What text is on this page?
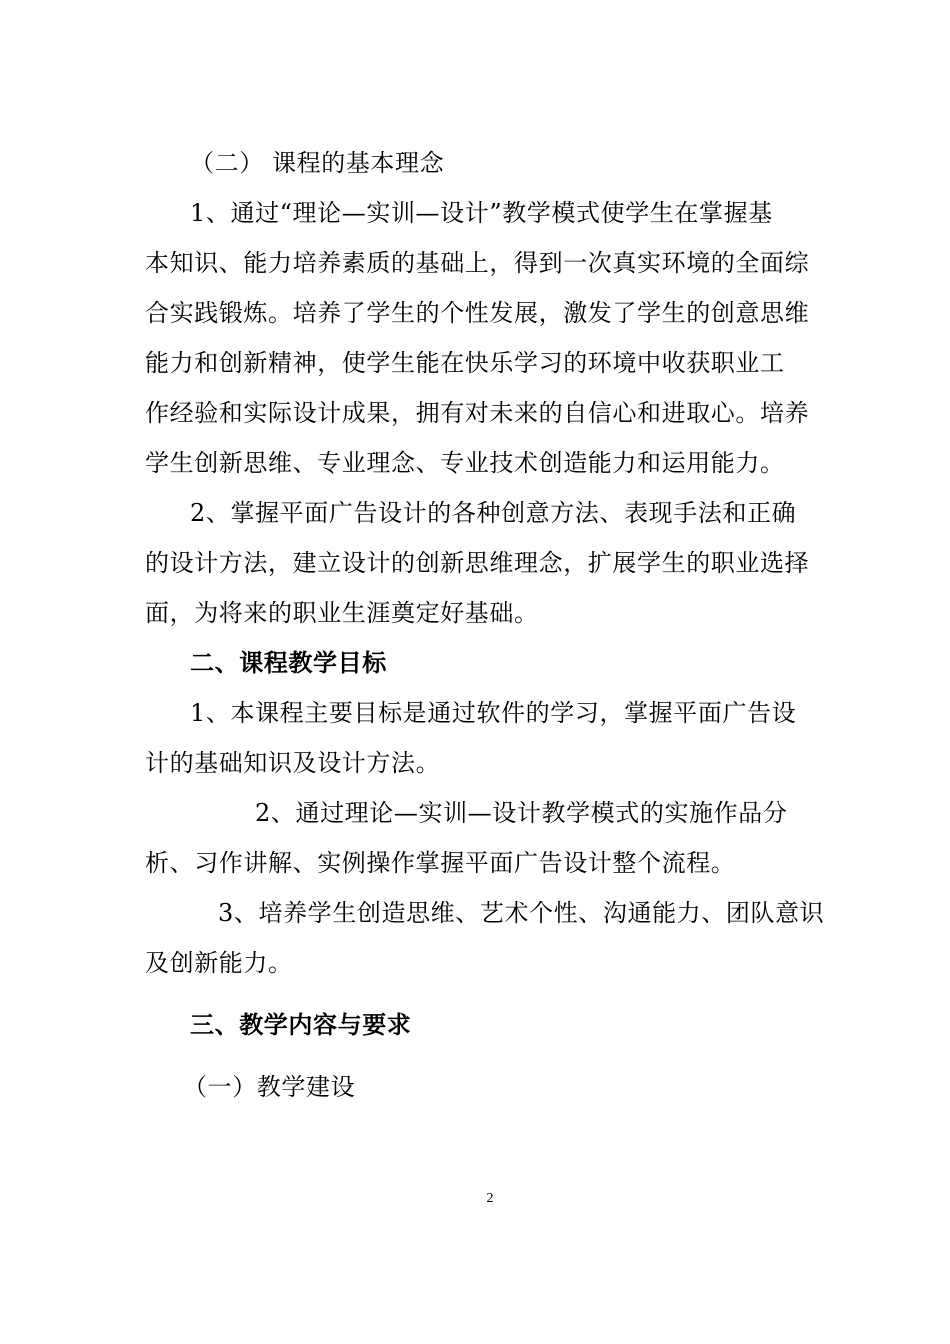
（二） 课程的基本理念
1、通过“理论—实训—设计”教学模式使学生在掌握基
本知识、能力培养素质的基础上，得到一次真实环境的全面综
合实践锻炼。培养了学生的个性发展，激发了学生的创意思维
能力和创新精神，使学生能在快乐学习的环境中收获职业工
作经验和实际设计成果，拥有对未来的自信心和进取心。培养
学生创新思维、专业理念、专业技术创造能力和运用能力。
2、掌握平面广告设计的各种创意方法、表现手法和正确
的设计方法，建立设计的创新思维理念，扩展学生的职业选择
面，为将来的职业生涯奠定好基础。
二、课程教学目标
1、本课程主要目标是通过软件的学习，掌握平面广告设
计的基础知识及设计方法。
2、通过理论—实训—设计教学模式的实施作品分
析、习作讲解、实例操作掌握平面广告设计整个流程。
3、培养学生创造思维、艺术个性、沟通能力、团队意识
及创新能力。
三、教学内容与要求
（一）教学建设
2
